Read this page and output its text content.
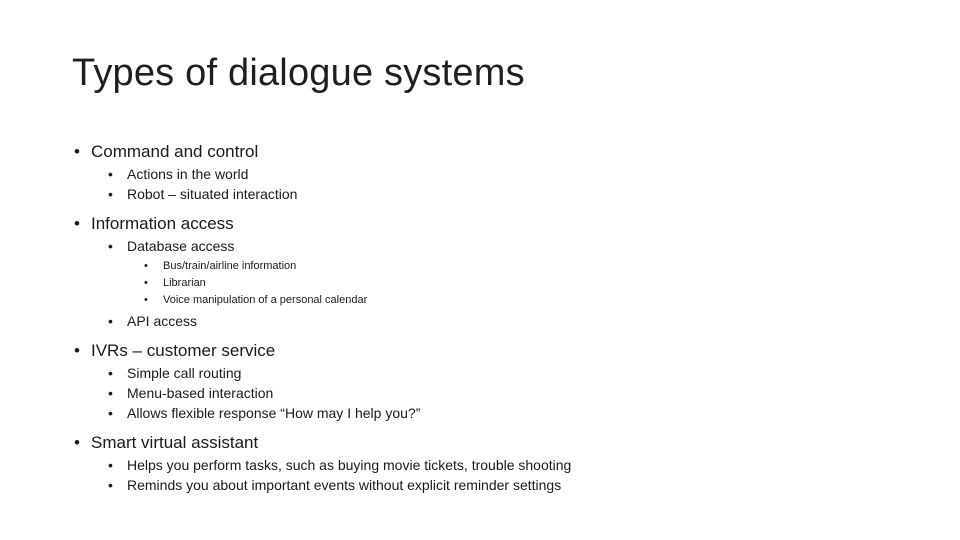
Types of dialogue systems
• Command and control
• Actions in the world
• Robot – situated interaction
• Information access
• Database access
• Bus/train/airline information
• Librarian
• Voice manipulation of a personal calendar
• API access
• IVRs – customer service
• Simple call routing
• Menu-based interaction
• Allows flexible response “How may I help you?”
• Smart virtual assistant
• Helps you perform tasks, such as buying movie tickets, trouble shooting
• Reminds you about important events without explicit reminder settings
